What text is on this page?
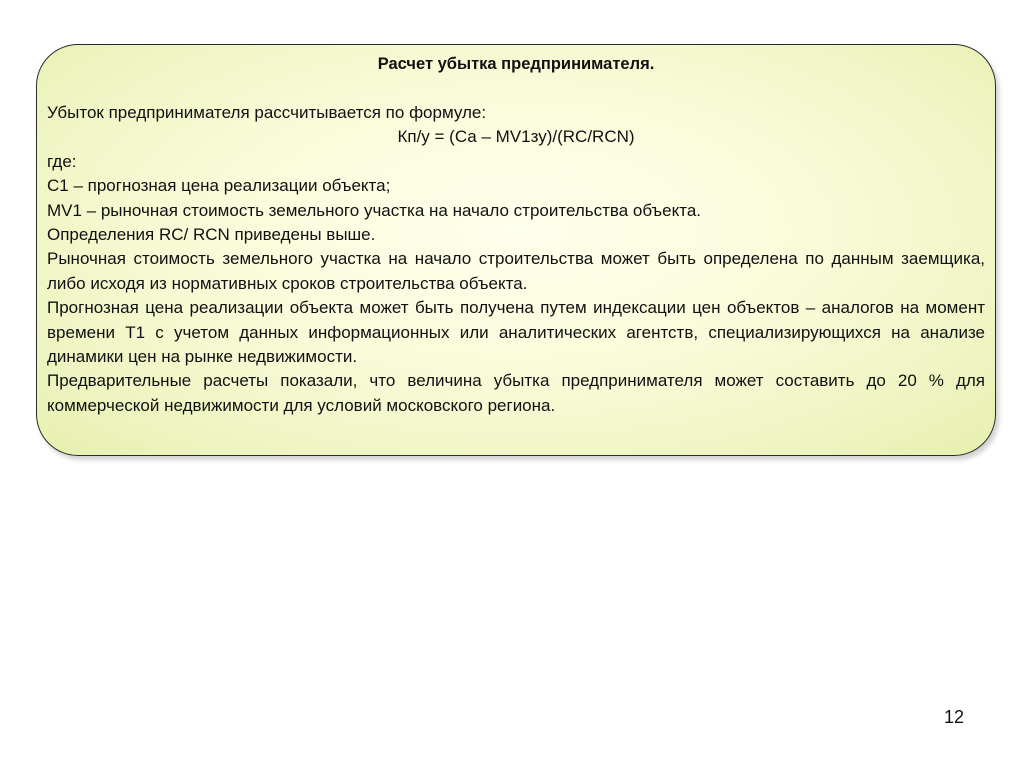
Расчет убытка предпринимателя.

Убыток предпринимателя рассчитывается по формуле:

Кп/у = (Са – MV1зу)/(RC/RCN)

где:

С1 – прогнозная цена реализации объекта;

MV1 – рыночная стоимость земельного участка на начало строительства объекта.

Определения RC/ RCN приведены выше.

Рыночная стоимость земельного участка на начало строительства может быть определена по данным заемщика, либо исходя из нормативных сроков строительства объекта.

Прогнозная цена реализации объекта может быть получена путем индексации цен объектов – аналогов на момент времени Т1 с учетом данных информационных или аналитических агентств, специализирующихся на анализе динамики цен на рынке недвижимости.

Предварительные расчеты показали, что величина убытка предпринимателя может составить до 20 % для коммерческой недвижимости для условий московского региона.

12
